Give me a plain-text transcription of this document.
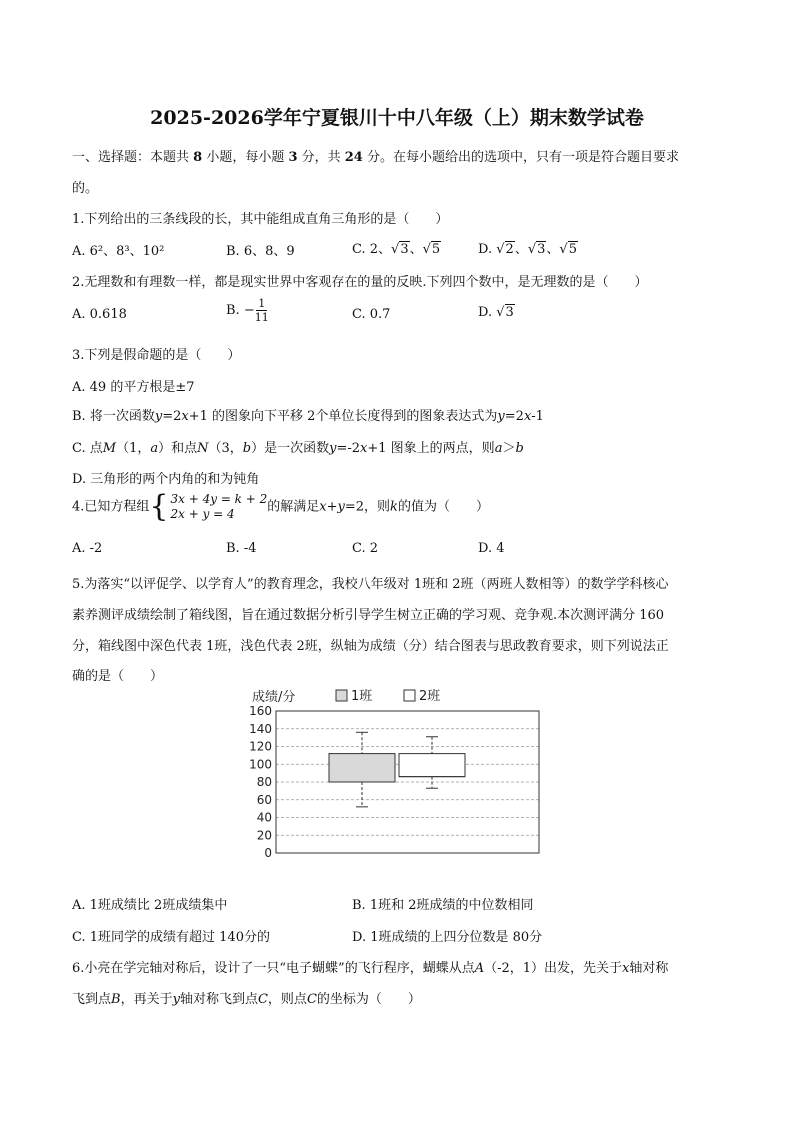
2025-2026学年宁夏银川十中八年级（上）期末数学试卷
一、选择题：本题共 8 小题，每小题 3 分，共 24 分。在每小题给出的选项中，只有一项是符合题目要求
的。
1.下列给出的三条线段的长，其中能组成直角三角形的是（　　）
A. 6²、8³、10²	B. 6、8、9	C. 2、√3、√5	D. √2、√3、√5
2.无理数和有理数一样，都是现实世界中客观存在的量的反映.下列四个数中，是无理数的是（　　）
A. 0.618	B. − $\frac{1}{11}$	C. 0.7̇	D. √3
3.下列是假命题的是（　　）
A. 49 的平方根是±7
B. 将一次函数y=2x+1 的图象向下平移 2个单位长度得到的图象表达式为y=2x-1
C. 点M（1，a）和点N（3，b）是一次函数y=-2x+1 图象上的两点，则a＞b
D. 三角形的两个内角的和为钝角
4.已知方程组 { 3x + 4y = k + 2
2x + y = 4	的解满足x+y=2，则k的值为（　　）
A. -2	B. -4	C. 2	D. 4
5.为落实“以评促学、以学育人”的教育理念，我校八年级对 1班和 2班（两班人数相等）的数学学科核心
素养测评成绩绘制了箱线图，旨在通过数据分析引导学生树立正确的学习观、竞争观.本次测评满分 160
分，箱线图中深色代表 1班，浅色代表 2班，纵轴为成绩（分）结合图表与思政教育要求，则下列说法正
确的是（　　）
成绩/分	1班	2班
0
20
40
60
80
100
120
140
160
A. 1班成绩比 2班成绩集中	B. 1班和 2班成绩的中位数相同
C. 1班同学的成绩有超过 140分的	D. 1班成绩的上四分位数是 80分
6.小亮在学完轴对称后，设计了一只“电子蝴蝶”的飞行程序，蝴蝶从点A（-2，1）出发，先关于x轴对称
飞到点B，再关于y轴对称飞到点C，则点C的坐标为（　　）
